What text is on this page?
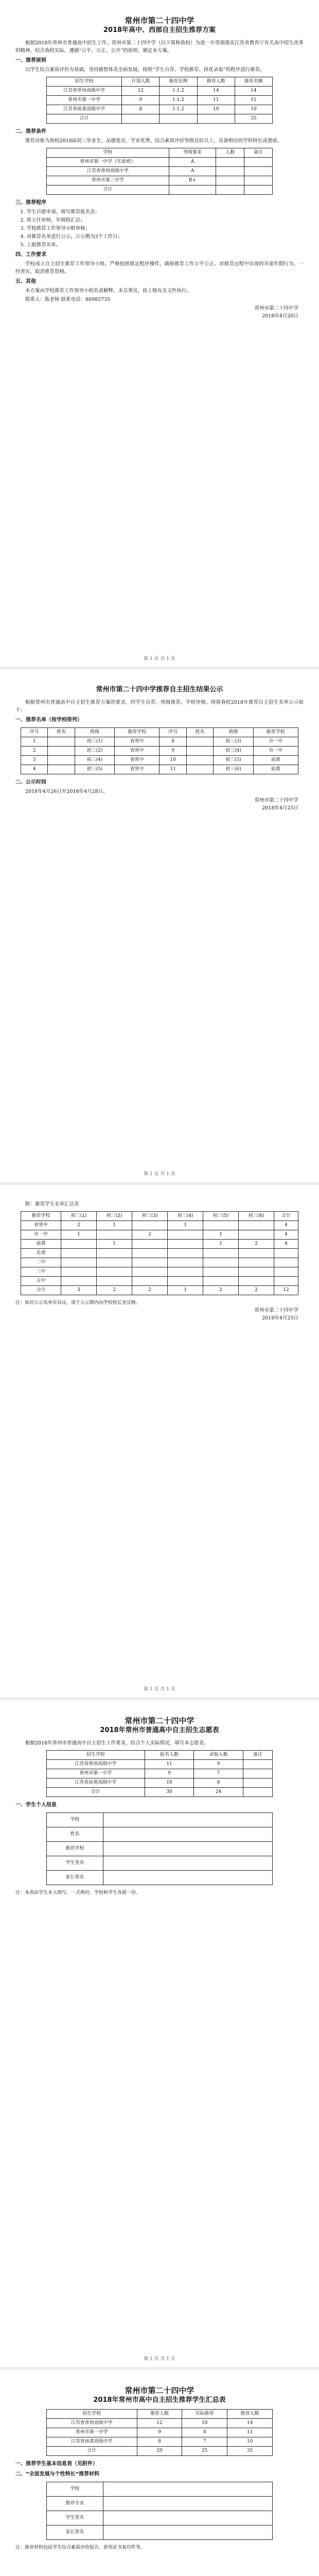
常州市第二十四中学
2018年高中、西部自主招生推荐方案

根据2018年常州市普通高中招生工作，常州市第二十四中学（以下简称我校）为进一步贯彻落实江苏省教育厅有关高中招生改革的精神，结合我校实际，遵循“公平、公正、公开”的原则，制定本方案。

一、推荐原则

以学生综合素质评价为基础，坚持德智体美全面发展，按照“学生自荐、学校推荐、择优录取”的程序进行推荐。

招生学校	计划人数	推荐比例	推荐人数	推荐名额
江苏省常州高级中学	12	1:1.2	14	14
常州市第一中学	9	1:1.2	11	11
江苏省前黄高级中学	8	1:1.2	10	10
合计				35

二、推荐条件

推荐对象为我校2018届初三毕业生，品德优良、学业优秀、综合素质评价等级良好以上，具备相应的学科特长或潜质。

学校	等级要求	人数	备注
常州市第一中学（实验班）	A		
江苏省常州高级中学	A		
常州市第三中学	B+		
合计			

三、推荐程序

1. 学生自愿申请，填写推荐报名表；

2. 班主任审核，年级组汇总；

3. 学校推荐工作领导小组审核；

4. 对推荐名单进行公示，公示期为3个工作日；

5. 上报推荐名单。

四、工作要求

学校成立自主招生推荐工作领导小组，严格按照规定程序操作，确保推荐工作公平公正。对推荐过程中出现的弄虚作假行为，一经查实，取消推荐资格。

五、其他

本方案由学校推荐工作领导小组负责解释。未尽事宜，按上级有关文件执行。

联系人：陈老师 联系电话：86982735

常州市第二十四中学

2018年4月20日

第 1 页 共 1 页
常州市第二十四中学推荐自主招生结果公示

根据常州市普通高中自主招生推荐方案的要求，经学生自荐、班级推荐、学校审核，现将我校2018年推荐自主招生名单公示如下：

一、推荐名单（按学校排列）

序号	姓名	班级	推荐学校	序号	姓名	班级	推荐学校
1		初三(1)	省常中	8		初三(3)	市一中
2		初三(2)	省常中	9		初三(4)	市一中
3		初三(4)	省常中	10		初三(5)	前黄
4		初三(5)	省常中	11		初三(6)	前黄

二、公示时间

2018年4月26日至2018年4月28日。

常州市第二十四中学

2018年4月25日

第 1 页 共 1 页

附：推荐学生名单汇总表

推荐学校	初三(1)	初三(2)	初三(3)	初三(4)	初三(5)	初三(6)	合计
省常中	2	1		1			4
市一中	1		2		1		4
前黄		1			1	2	4
北郊							
二中							
三中							
五中							
合计	3	2	2	1	2	2	12

注：如对公示名单有异议，请于公示期内向学校校长室反映。

常州市第二十四中学

2018年4月25日

第 1 页 共 1 页
常州市第二十四中学
2018年常州市普通高中自主招生志愿表

根据2018年常州市普通高中自主招生工作要求，结合个人实际情况，填写本志愿表。

招生学校	报名人数	录取人数	备注
江苏省常州高级中学	11	9	
常州市第一中学	9	7	
江苏省前黄高级中学	10	8	
合计	30	24	

一、学生个人信息

学校	
姓名	
推荐学校	
学生签名	
家长签名	

注：本表由学生本人填写，一式两份，学校和学生各留一份。

第 1 页 共 1 页
常州市第二十四中学
2018年常州市高中自主招生推荐学生汇总表
招生学校	推荐人数	实际推荐	推荐人数
江苏省常州高级中学	12	10	14
常州市第一中学	9	8	11
江苏省前黄高级中学	8	7	10
合计	29	25	35

一、推荐学生基本信息表（见附件）

二、“全面发展与个性特长”推荐材料

学校	
推荐专业	
学生签名	
家长签名	

注：推荐材料包括学生综合素质评价报告、获奖证书复印件等。
